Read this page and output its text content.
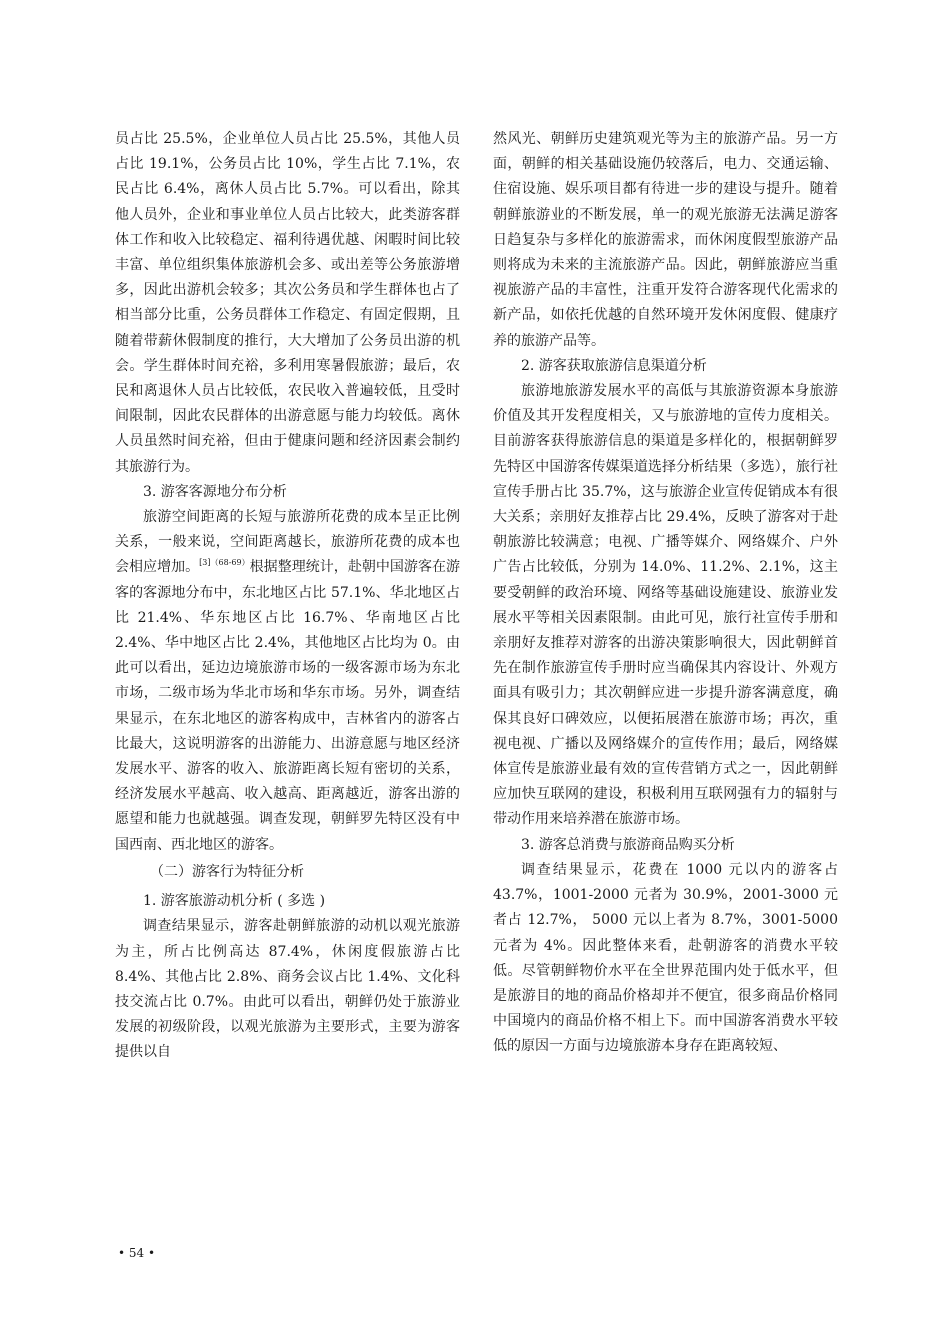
员占比 25.5%，企业单位人员占比 25.5%，其他人员占比 19.1%，公务员占比 10%，学生占比 7.1%，农民占比 6.4%，离休人员占比 5.7%。可以看出，除其他人员外，企业和事业单位人员占比较大，此类游客群体工作和收入比较稳定、福利待遇优越、闲暇时间比较丰富、单位组织集体旅游机会多、或出差等公务旅游增多，因此出游机会较多；其次公务员和学生群体也占了相当部分比重，公务员群体工作稳定、有固定假期，且随着带薪休假制度的推行，大大增加了公务员出游的机会。学生群体时间充裕，多利用寒暑假旅游；最后，农民和离退休人员占比较低，农民收入普遍较低，且受时间限制，因此农民群体的出游意愿与能力均较低。离休人员虽然时间充裕，但由于健康问题和经济因素会制约其旅游行为。

3. 游客客源地分布分析

旅游空间距离的长短与旅游所花费的成本呈正比例关系，一般来说，空间距离越长，旅游所花费的成本也会相应增加。$^{[3](68-69)}$根据整理统计，赴朝中国游客在游客的客源地分布中，东北地区占比 57.1%、华北地区占比 21.4%、华东地区占比 16.7%、华南地区占比 2.4%、华中地区占比 2.4%，其他地区占比均为 0。由此可以看出，延边边境旅游市场的一级客源市场为东北市场，二级市场为华北市场和华东市场。另外，调查结果显示，在东北地区的游客构成中，吉林省内的游客占比最大，这说明游客的出游能力、出游意愿与地区经济发展水平、游客的收入、旅游距离长短有密切的关系，经济发展水平越高、收入越高、距离越近，游客出游的愿望和能力也就越强。调查发现，朝鲜罗先特区没有中国西南、西北地区的游客。

（二）游客行为特征分析
1. 游客旅游动机分析 ( 多选 )

调查结果显示，游客赴朝鲜旅游的动机以观光旅游为主，所占比例高达 87.4%，休闲度假旅游占比 8.4%、其他占比 2.8%、商务会议占比 1.4%、文化科技交流占比 0.7%。由此可以看出，朝鲜仍处于旅游业发展的初级阶段，以观光旅游为主要形式，主要为游客提供以自

然风光、朝鲜历史建筑观光等为主的旅游产品。另一方面，朝鲜的相关基础设施仍较落后，电力、交通运输、住宿设施、娱乐项目都有待进一步的建设与提升。随着朝鲜旅游业的不断发展，单一的观光旅游无法满足游客日趋复杂与多样化的旅游需求，而休闲度假型旅游产品则将成为未来的主流旅游产品。因此，朝鲜旅游应当重视旅游产品的丰富性，注重开发符合游客现代化需求的新产品，如依托优越的自然环境开发休闲度假、健康疗养的旅游产品等。

2. 游客获取旅游信息渠道分析

旅游地旅游发展水平的高低与其旅游资源本身旅游价值及其开发程度相关，又与旅游地的宣传力度相关。目前游客获得旅游信息的渠道是多样化的，根据朝鲜罗先特区中国游客传媒渠道选择分析结果（多选），旅行社宣传手册占比 35.7%，这与旅游企业宣传促销成本有很大关系；亲朋好友推荐占比 29.4%，反映了游客对于赴朝旅游比较满意；电视、广播等媒介、网络媒介、户外广告占比较低，分别为 14.0%、11.2%、2.1%，这主要受朝鲜的政治环境、网络等基础设施建设、旅游业发展水平等相关因素限制。由此可见，旅行社宣传手册和亲朋好友推荐对游客的出游决策影响很大，因此朝鲜首先在制作旅游宣传手册时应当确保其内容设计、外观方面具有吸引力；其次朝鲜应进一步提升游客满意度，确保其良好口碑效应，以便拓展潜在旅游市场；再次，重视电视、广播以及网络媒介的宣传作用；最后，网络媒体宣传是旅游业最有效的宣传营销方式之一，因此朝鲜应加快互联网的建设，积极利用互联网强有力的辐射与带动作用来培养潜在旅游市场。

3. 游客总消费与旅游商品购买分析

调查结果显示，花费在 1000 元以内的游客占 43.7%，1001-2000 元者为 30.9%，2001-3000 元者占 12.7%， 5000 元以上者为 8.7%，3001-5000 元者为 4%。因此整体来看，赴朝游客的消费水平较低。尽管朝鲜物价水平在全世界范围内处于低水平，但是旅游目的地的商品价格却并不便宜，很多商品价格同中国境内的商品价格不相上下。而中国游客消费水平较低的原因一方面与边境旅游本身存在距离较短、

• 54 •
